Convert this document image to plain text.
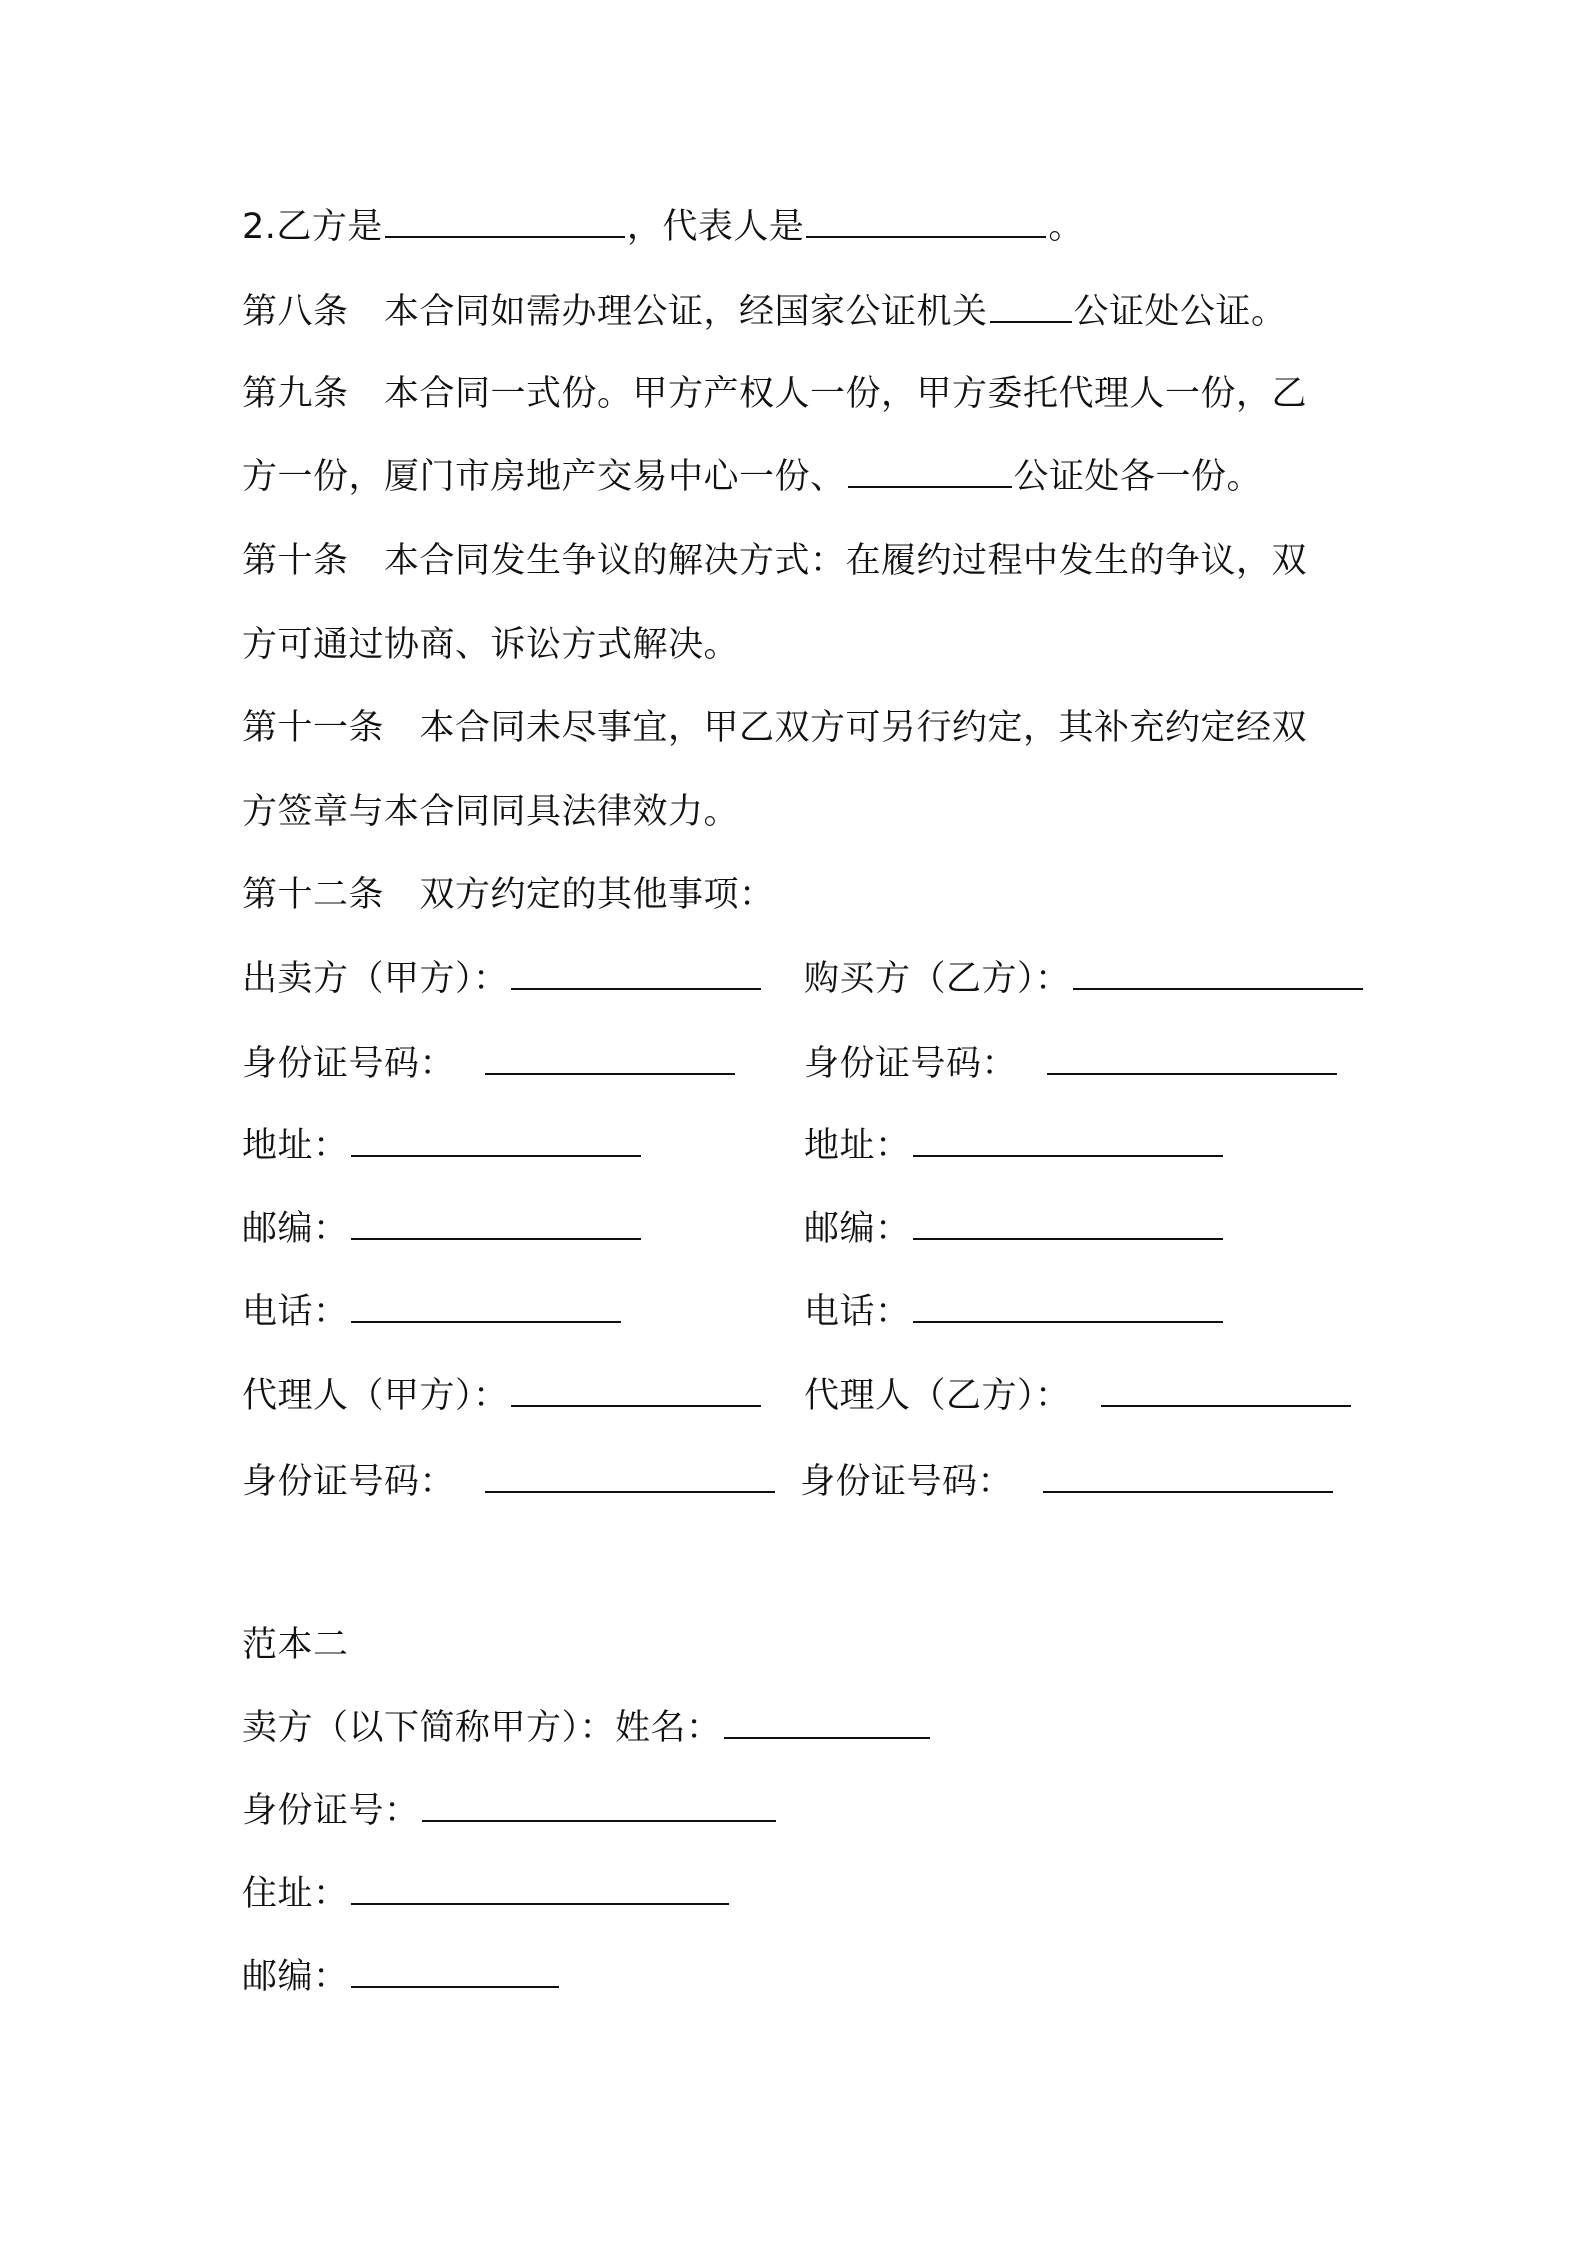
2.乙方是	，代表人是	。
第八条　本合同如需办理公证，经国家公证机关 公证处公证。
第九条　本合同一式份。甲方产权人一份，甲方委托代理人一份，乙
方一份，厦门市房地产交易中心一份、	公证处各一份。
第十条　本合同发生争议的解决方式：在履约过程中发生的争议，双
方可通过协商、诉讼方式解决。
第十一条　本合同未尽事宜，甲乙双方可另行约定，其补充约定经双
方签章与本合同同具法律效力。
第十二条　双方约定的其他事项：
出卖方（甲方）：	购买方（乙方）：
身份证号码：	身份证号码：
地址：	地址：
邮编：	邮编：
电话：	电话：
代理人（甲方）：	代理人（乙方）：
身份证号码：	身份证号码：
范本二
卖方（以下简称甲方）：姓名：
身份证号：
住址：
邮编：
